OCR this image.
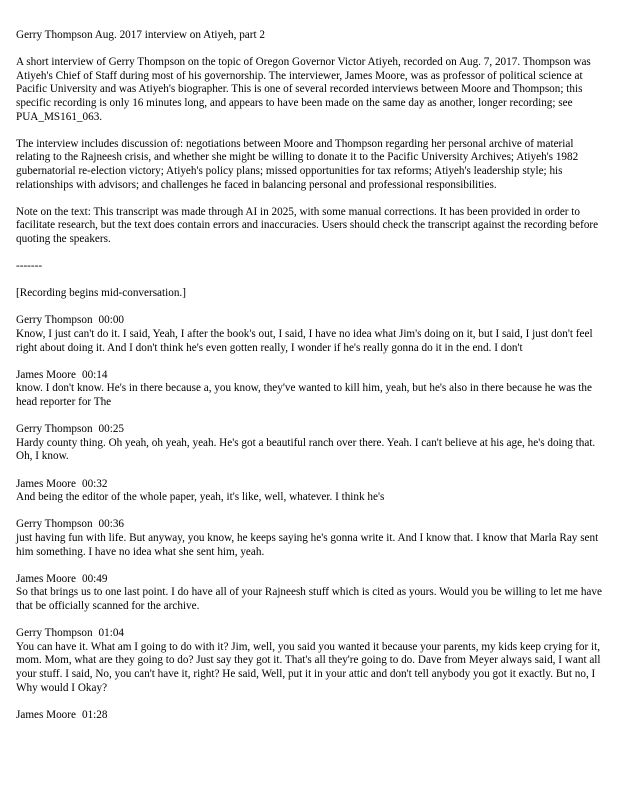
Gerry Thompson Aug. 2017 interview on Atiyeh, part 2

A short interview of Gerry Thompson on the topic of Oregon Governor Victor Atiyeh, recorded on Aug. 7, 2017. Thompson was Atiyeh's Chief of Staff during most of his governorship. The interviewer, James Moore, was as professor of political science at Pacific University and was Atiyeh's biographer. This is one of several recorded interviews between Moore and Thompson; this specific recording is only 16 minutes long, and appears to have been made on the same day as another, longer recording; see PUA_MS161_063.

The interview includes discussion of: negotiations between Moore and Thompson regarding her personal archive of material relating to the Rajneesh crisis, and whether she might be willing to donate it to the Pacific University Archives; Atiyeh's 1982 gubernatorial re-election victory; Atiyeh's policy plans; missed opportunities for tax reforms; Atiyeh's leadership style; his relationships with advisors; and challenges he faced in balancing personal and professional responsibilities.

Note on the text: This transcript was made through AI in 2025, with some manual corrections. It has been provided in order to facilitate research, but the text does contain errors and inaccuracies. Users should check the transcript against the recording before quoting the speakers.

-------

[Recording begins mid-conversation.]

Gerry Thompson 00:00
Know, I just can't do it. I said, Yeah, I after the book's out, I said, I have no idea what Jim's doing on it, but I said, I just don't feel right about doing it. And I don't think he's even gotten really, I wonder if he's really gonna do it in the end. I don't
James Moore 00:14
know. I don't know. He's in there because a, you know, they've wanted to kill him, yeah, but he's also in there because he was the head reporter for The
Gerry Thompson 00:25
Hardy county thing. Oh yeah, oh yeah, yeah. He's got a beautiful ranch over there. Yeah. I can't believe at his age, he's doing that. Oh, I know.
James Moore 00:32
And being the editor of the whole paper, yeah, it's like, well, whatever. I think he's
Gerry Thompson 00:36
just having fun with life. But anyway, you know, he keeps saying he's gonna write it. And I know that. I know that Marla Ray sent him something. I have no idea what she sent him, yeah.
James Moore 00:49
So that brings us to one last point. I do have all of your Rajneesh stuff which is cited as yours. Would you be willing to let me have that be officially scanned for the archive.
Gerry Thompson 01:04
You can have it. What am I going to do with it? Jim, well, you said you wanted it because your parents, my kids keep crying for it, mom. Mom, what are they going to do? Just say they got it. That's all they're going to do. Dave from Meyer always said, I want all your stuff. I said, No, you can't have it, right? He said, Well, put it in your attic and don't tell anybody you got it exactly. But no, I Why would I Okay?
James Moore 01:28
